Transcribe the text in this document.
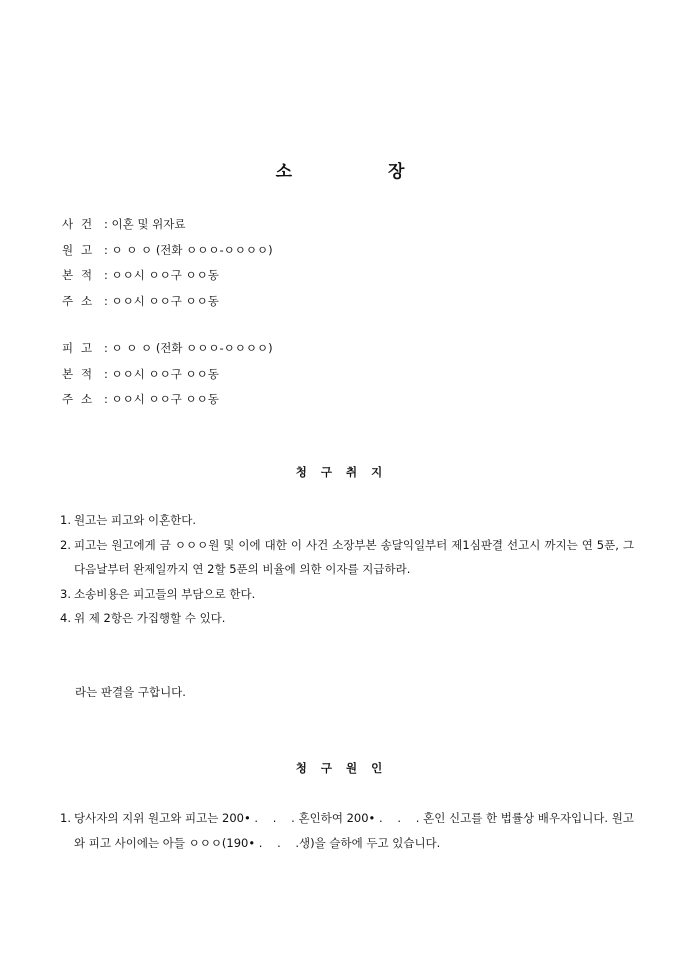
소	장
사 건 : 이혼 및 위자료
원 고 : ㅇ ㅇ ㅇ (전화 ㅇㅇㅇ-ㅇㅇㅇㅇ)
본 적 : ㅇㅇ시 ㅇㅇ구 ㅇㅇ동
주 소 : ㅇㅇ시 ㅇㅇ구 ㅇㅇ동
피 고 : ㅇ ㅇ ㅇ (전화 ㅇㅇㅇ-ㅇㅇㅇㅇ)
본 적 : ㅇㅇ시 ㅇㅇ구 ㅇㅇ동
주 소 : ㅇㅇ시 ㅇㅇ구 ㅇㅇ동
청 구 취 지
1. 원고는 피고와 이혼한다.
2. 피고는 원고에게 금 ㅇㅇㅇ원 및 이에 대한 이 사건 소장부본 송달익일부터 제1심판결 선고시 까지는 연 5푼, 그 다음날부터 완제일까지 연 2할 5푼의 비율에 의한 이자를 지급하라.
3. 소송비용은 피고들의 부담으로 한다.
4. 위 제 2항은 가집행할 수 있다.
라는 판결을 구합니다.
청 구 원 인
1. 당사자의 지위 원고와 피고는 200• .    .    . 혼인하여 200• .    .    . 혼인 신고를 한 법률상 배우자입니다. 원고와 피고 사이에는 아들 ㅇㅇㅇ(190• .    .    .생)을 슬하에 두고 있습니다.
